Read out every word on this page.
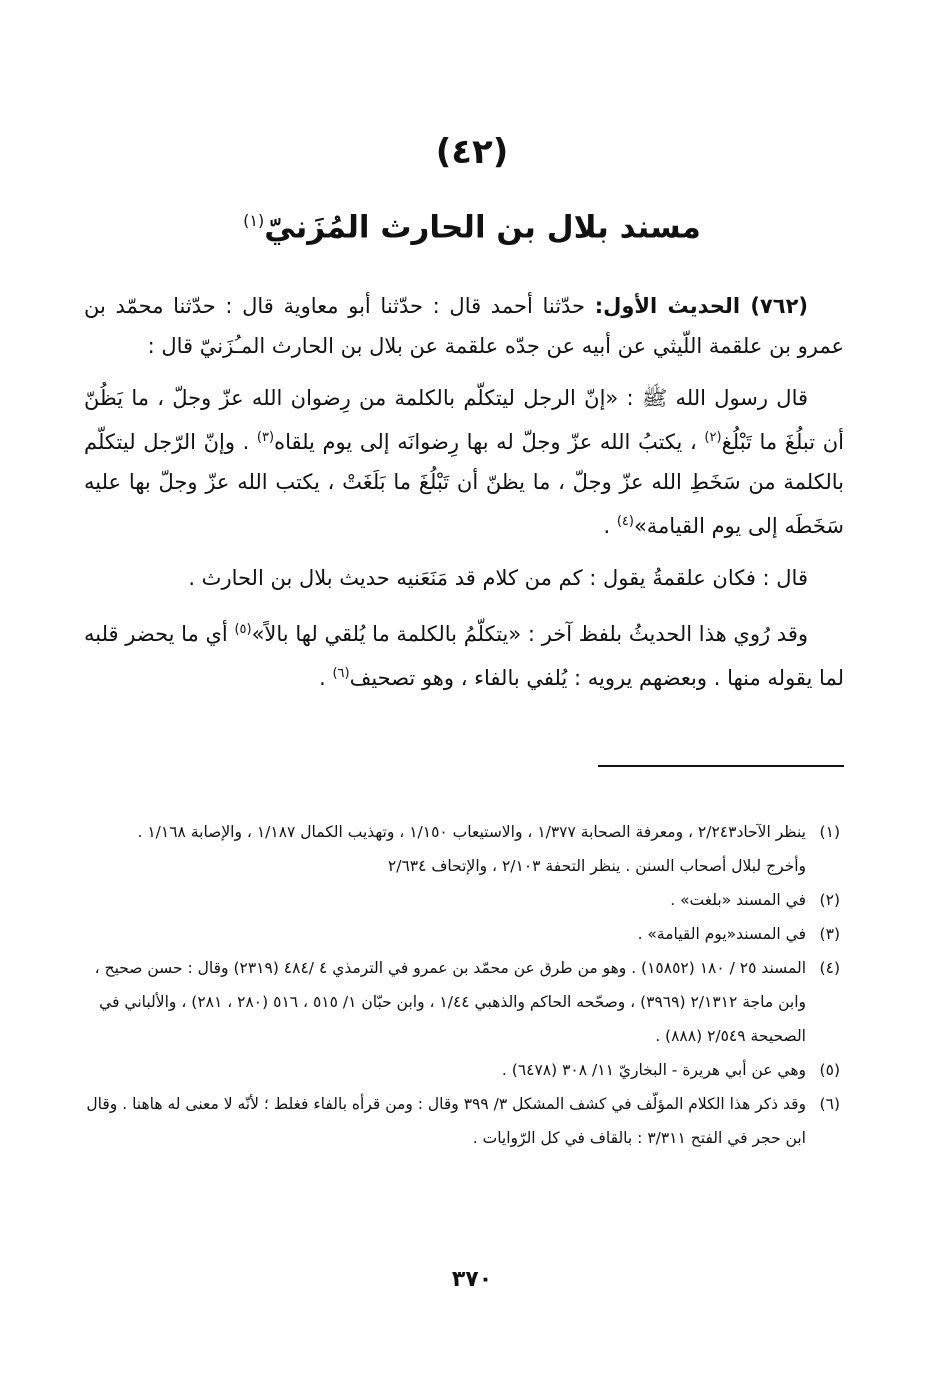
(٤٢)
مسند بلال بن الحارث المُزَنيّ$^{(١)}$

(٧٦٢) الحديث الأول: حدّثنا أحمد قال : حدّثنا أبو معاوية قال : حدّثنا محمّد بن عمرو بن علقمة اللّيثي عن أبيه عن جدّه علقمة عن بلال بن الحارث المـُزَنيّ قال :

قال رسول الله ﷺ : «إنّ الرجل ليتكلّم بالكلمة من رِضوان الله عزّ وجلّ ، ما يَظُنّ أن تبلُغَ ما تَبْلُغ$^{(٢)}$ ، يكتبُ الله عزّ وجلّ له بها رِضوانَه إلى يوم يلقاه$^{(٣)}$ . وإنّ الرّجل ليتكلّم بالكلمة من سَخَطِ الله عزّ وجلّ ، ما يظنّ أن تَبْلُغَ ما بَلَغَتْ ، يكتب الله عزّ وجلّ بها عليه سَخَطَه إلى يوم القيامة»$^{(٤)}$ .

قال : فكان علقمةُ يقول : كم من كلام قد مَنَعَنيه حديث بلال بن الحارث .

وقد رُوي هذا الحديثُ بلفظ آخر : «يتكلّمُ بالكلمة ما يُلقي لها بالاً»$^{(٥)}$ أي ما يحضر قلبه لما يقوله منها . وبعضهم يرويه : يُلفي بالفاء ، وهو تصحيف$^{(٦)}$ .

(١)
ينظر الآحاد٢/٢٤٣ ، ومعرفة الصحابة ١/٣٧٧ ، والاستيعاب ١/١٥٠ ، وتهذيب الكمال ١/١٨٧ ، والإصابة ١/١٦٨ .
وأخرج لبلال أصحاب السنن . ينظر التحفة ٢/١٠٣ ، والإتحاف ٢/٦٣٤
(٢)
في المسند «بلغت» .
(٣)
في المسند«يوم القيامة» .
(٤)
المسند ٢٥ / ١٨٠ (١٥٨٥٢) . وهو من طرق عن محمّد بن عمرو في الترمذي ٤ /٤٨٤ (٢٣١٩) وقال : حسن صحيح ، وابن ماجة ٢/١٣١٢ (٣٩٦٩) ، وصحّحه الحاكم والذهبي ١/٤٤ ، وابن حبّان ١/ ٥١٥ ، ٥١٦ (٢٨٠ ، ٢٨١) ، والألباني في الصحيحة ٢/٥٤٩ (٨٨٨) .
(٥)
وهي عن أبي هريرة - البخاريّ ١١/ ٣٠٨ (٦٤٧٨) .
(٦)
وقد ذكر هذا الكلام المؤلّف في كشف المشكل ٣/ ٣٩٩ وقال : ومن قرأه بالفاء فغلط ؛ لأنّه لا معنى له هاهنا . وقال ابن حجر في الفتح ٣/٣١١ : بالقاف في كل الرّوايات .
٣٧٠
